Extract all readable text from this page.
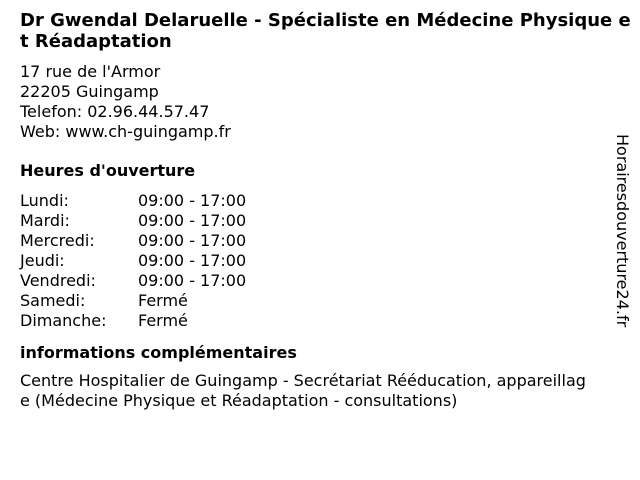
Dr Gwendal Delaruelle - Spécialiste en Médecine Physique et Réadaptation
17 rue de l'Armor
22205 Guingamp
Telefon: 02.96.44.57.47
Web: www.ch-guingamp.fr
Heures d'ouverture
Lundi:	09:00 - 17:00
Mardi:	09:00 - 17:00
Mercredi:	09:00 - 17:00
Jeudi:	09:00 - 17:00
Vendredi:	09:00 - 17:00
Samedi:	Fermé
Dimanche:	Fermé
informations complémentaires
Centre Hospitalier de Guingamp - Secrétariat Rééducation, appareillage (Médecine Physique et Réadaptation - consultations)
Horairesdouverture24.fr
